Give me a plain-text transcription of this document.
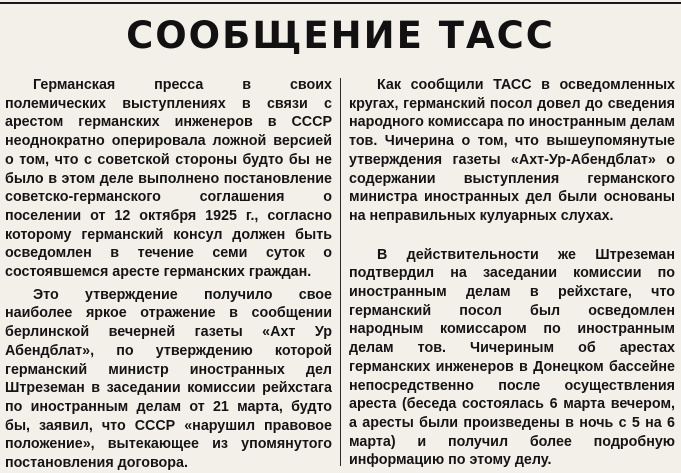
СООБЩЕНИЕ ТАСС

Германская пресса в своих полемических выступлениях в связи с арестом германских инженеров в СССР неоднократно оперировала ложной версией о том, что с советской стороны будто бы не было в этом деле выполнено постановление советско-германского соглашения о поселении от 12 октября 1925 г., согласно которому германский консул должен быть осведомлен в течение семи суток о состоявшемся аресте германских граждан.

Это утверждение получило свое наиболее яркое отражение в сообщении берлинской вечерней газеты «Ахт Ур Абендблат», по утверждению которой германский министр иностранных дел Штреземан в заседании комиссии рейхстага по иностранным делам от 21 марта, будто бы, заявил, что СССР «нарушил правовое положение», вытекающее из упомянутого постановления договора.

Как сообщили ТАСС в осведомленных кругах, германский посол довел до сведения народного комиссара по иностранным делам тов. Чичерина о том, что вышеупомянутые утверждения газеты «Ахт-Ур-Абендблат» о содержании выступления германского министра иностранных дел были основаны на неправильных кулуарных слухах.

В действительности же Штреземан подтвердил на заседании комиссии по иностранным делам в рейхстаге, что германский посол был осведомлен народным комиссаром по иностранным делам тов. Чичериным об арестах германских инженеров в Донецком бассейне непосредственно после осуществления ареста (беседа состоялась 6 марта вечером, а аресты были произведены в ночь с 5 на 6 марта) и получил более подробную информацию по этому делу.
